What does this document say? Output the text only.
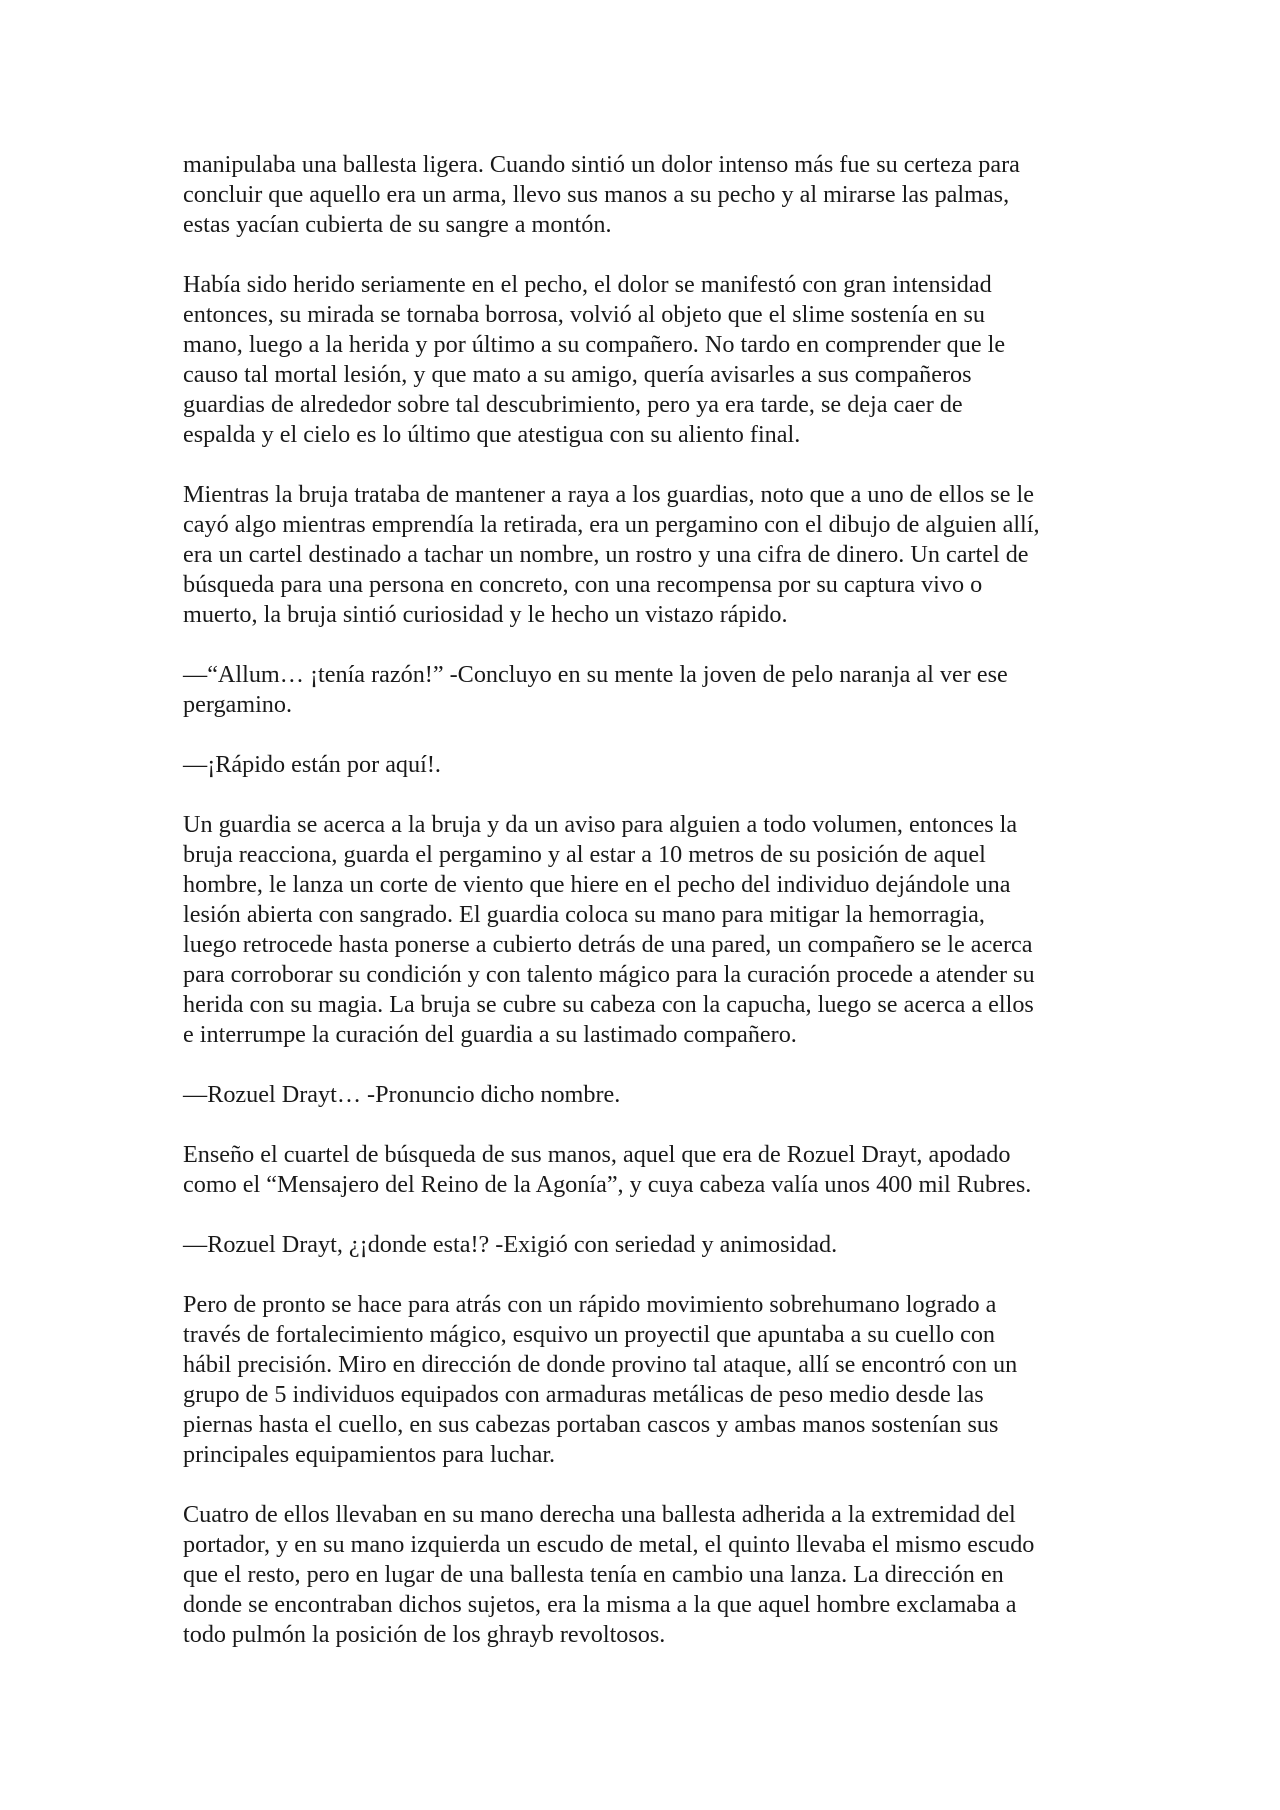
manipulaba una ballesta ligera. Cuando sintió un dolor intenso más fue su certeza para
concluir que aquello era un arma, llevo sus manos a su pecho y al mirarse las palmas,
estas yacían cubierta de su sangre a montón.

Había sido herido seriamente en el pecho, el dolor se manifestó con gran intensidad
entonces, su mirada se tornaba borrosa, volvió al objeto que el slime sostenía en su
mano, luego a la herida y por último a su compañero. No tardo en comprender que le
causo tal mortal lesión, y que mato a su amigo, quería avisarles a sus compañeros
guardias de alrededor sobre tal descubrimiento, pero ya era tarde, se deja caer de
espalda y el cielo es lo último que atestigua con su aliento final.

Mientras la bruja trataba de mantener a raya a los guardias, noto que a uno de ellos se le
cayó algo mientras emprendía la retirada, era un pergamino con el dibujo de alguien allí,
era un cartel destinado a tachar un nombre, un rostro y una cifra de dinero. Un cartel de
búsqueda para una persona en concreto, con una recompensa por su captura vivo o
muerto, la bruja sintió curiosidad y le hecho un vistazo rápido.

—“Allum… ¡tenía razón!” -Concluyo en su mente la joven de pelo naranja al ver ese
pergamino.

—¡Rápido están por aquí!.

Un guardia se acerca a la bruja y da un aviso para alguien a todo volumen, entonces la
bruja reacciona, guarda el pergamino y al estar a 10 metros de su posición de aquel
hombre, le lanza un corte de viento que hiere en el pecho del individuo dejándole una
lesión abierta con sangrado. El guardia coloca su mano para mitigar la hemorragia,
luego retrocede hasta ponerse a cubierto detrás de una pared, un compañero se le acerca
para corroborar su condición y con talento mágico para la curación procede a atender su
herida con su magia. La bruja se cubre su cabeza con la capucha, luego se acerca a ellos
e interrumpe la curación del guardia a su lastimado compañero.

—Rozuel Drayt… -Pronuncio dicho nombre.

Enseño el cuartel de búsqueda de sus manos, aquel que era de Rozuel Drayt, apodado
como el “Mensajero del Reino de la Agonía”, y cuya cabeza valía unos 400 mil Rubres.

—Rozuel Drayt, ¿¡donde esta!? -Exigió con seriedad y animosidad.

Pero de pronto se hace para atrás con un rápido movimiento sobrehumano logrado a
través de fortalecimiento mágico, esquivo un proyectil que apuntaba a su cuello con
hábil precisión. Miro en dirección de donde provino tal ataque, allí se encontró con un
grupo de 5 individuos equipados con armaduras metálicas de peso medio desde las
piernas hasta el cuello, en sus cabezas portaban cascos y ambas manos sostenían sus
principales equipamientos para luchar.

Cuatro de ellos llevaban en su mano derecha una ballesta adherida a la extremidad del
portador, y en su mano izquierda un escudo de metal, el quinto llevaba el mismo escudo
que el resto, pero en lugar de una ballesta tenía en cambio una lanza. La dirección en
donde se encontraban dichos sujetos, era la misma a la que aquel hombre exclamaba a
todo pulmón la posición de los ghrayb revoltosos.
